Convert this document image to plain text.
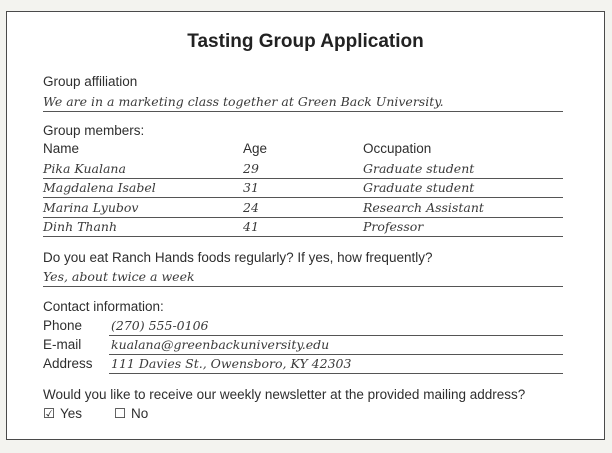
Tasting Group Application
Group affiliation
We are in a marketing class together at Green Back University.
Group members:
Name	Age	Occupation
Pika Kualana	29	Graduate student
Magdalena Isabel	31	Graduate student
Marina Lyubov	24	Research Assistant
Dinh Thanh	41	Professor
Do you eat Ranch Hands foods regularly? If yes, how frequently?
Yes, about twice a week
Contact information:
Phone (270) 555-0106
E-mail kualana@greenbackuniversity.edu
Address 111 Davies St., Owensboro, KY 42303
Would you like to receive our weekly newsletter at the provided mailing address?
☑ Yes ☐ No
